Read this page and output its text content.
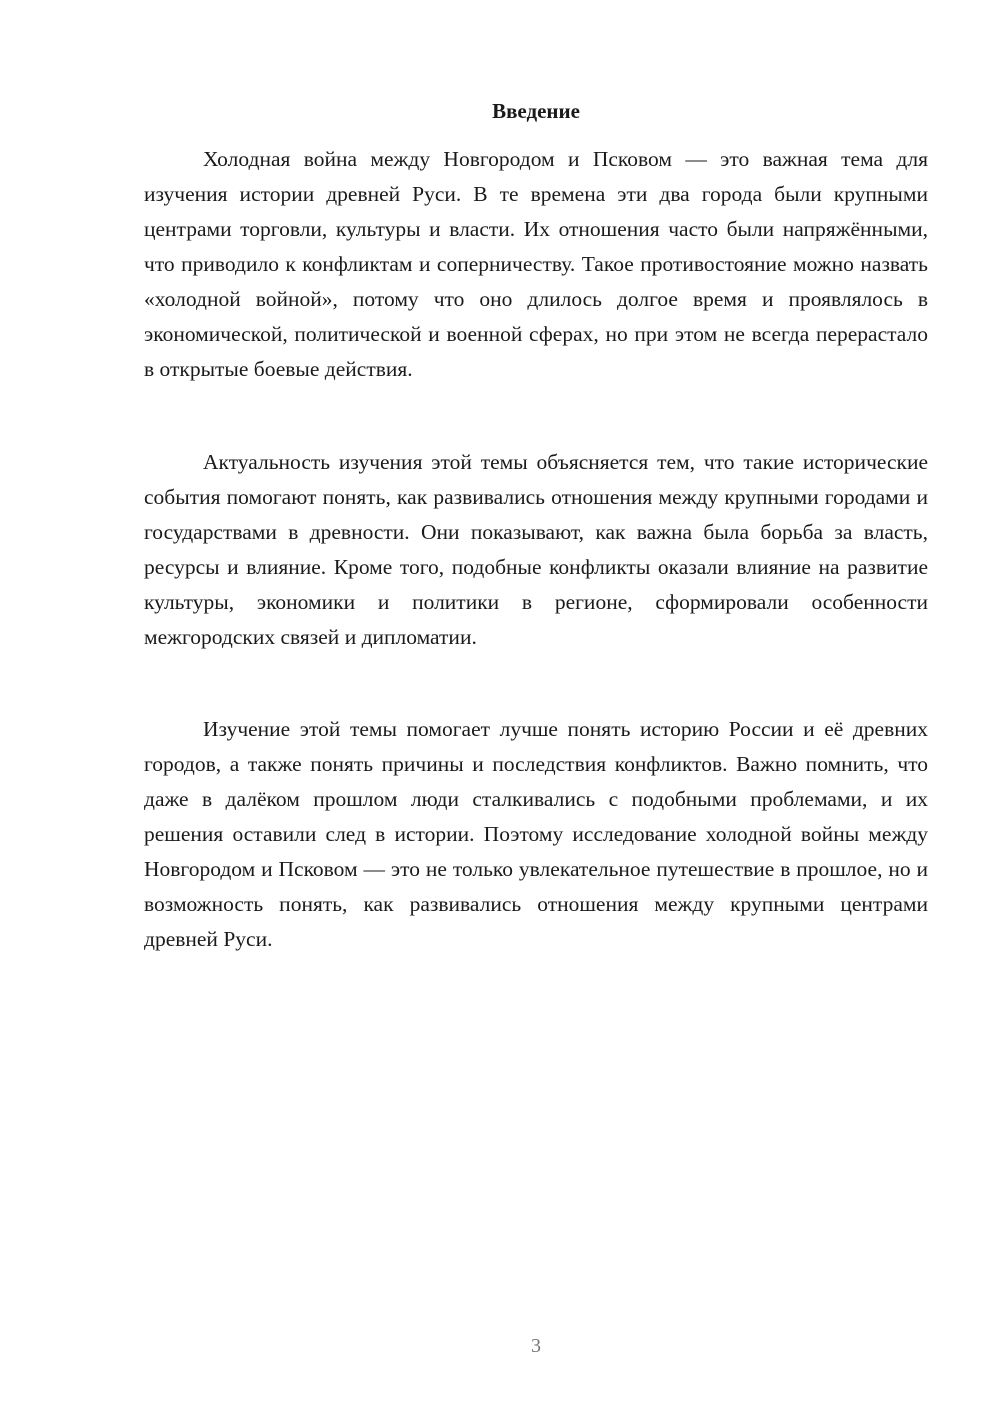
Введение

Холодная война между Новгородом и Псковом — это важная тема для изучения истории древней Руси. В те времена эти два города были крупными центрами торговли, культуры и власти. Их отношения часто были напряжёнными, что приводило к конфликтам и соперничеству. Такое противостояние можно назвать «холодной войной», потому что оно длилось долгое время и проявлялось в экономической, политической и военной сферах, но при этом не всегда перерастало в открытые боевые действия.

Актуальность изучения этой темы объясняется тем, что такие исторические события помогают понять, как развивались отношения между крупными городами и государствами в древности. Они показывают, как важна была борьба за власть, ресурсы и влияние. Кроме того, подобные конфликты оказали влияние на развитие культуры, экономики и политики в регионе, сформировали особенности межгородских связей и дипломатии.

Изучение этой темы помогает лучше понять историю России и её древних городов, а также понять причины и последствия конфликтов. Важно помнить, что даже в далёком прошлом люди сталкивались с подобными проблемами, и их решения оставили след в истории. Поэтому исследование холодной войны между Новгородом и Псковом — это не только увлекательное путешествие в прошлое, но и возможность понять, как развивались отношения между крупными центрами древней Руси.

3
